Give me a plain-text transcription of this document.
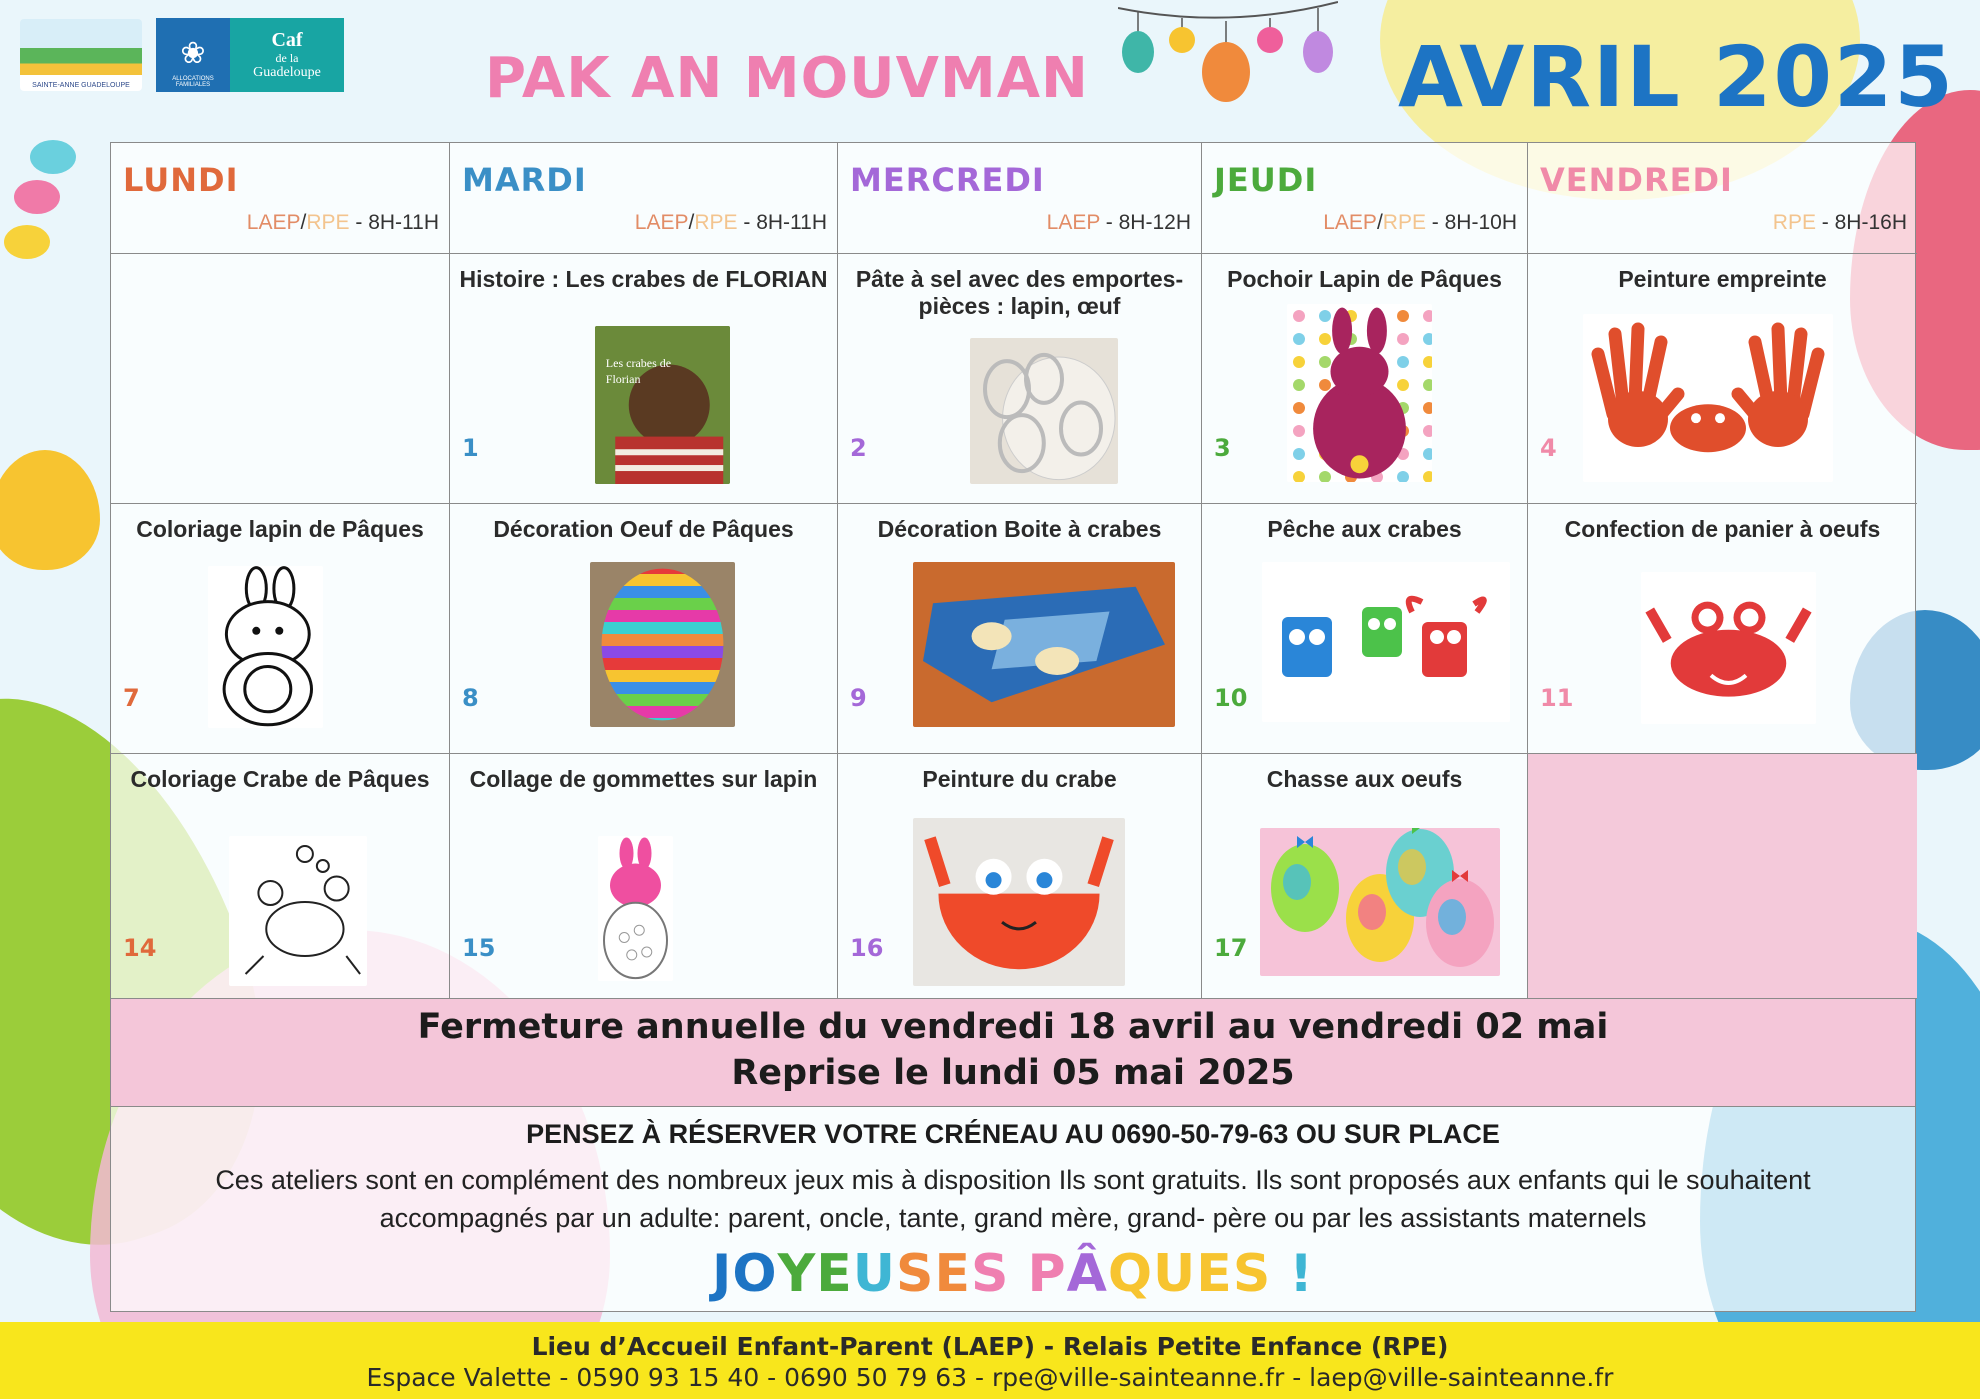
SAINTE-ANNE GUADELOUPE
❀
ALLOCATIONS FAMILIALES
Caf
de la
Guadeloupe	PAK AN MOUVMAN	AVRIL 2025
LUNDI
LAEP/RPE - 8H-11H
MARDI
LAEP/RPE - 8H-11H
MERCREDI
LAEP - 8H-12H
JEUDI
LAEP/RPE - 8H-10H
VENDREDI
RPE - 8H-16H
Histoire : Les crabes de FLORIAN
Les crabes de
Florian
1
Pâte à sel avec des emportes-pièces : lapin, œuf
2
Pochoir Lapin de Pâques
3
Peinture empreinte
4
Coloriage lapin de Pâques
7
Décoration Oeuf de Pâques
8
Décoration Boite à crabes
9
Pêche aux crabes
10
Confection de panier à oeufs
11
Coloriage Crabe de Pâques
14
Collage de gommettes sur lapin
15
Peinture du crabe
16
Chasse aux oeufs
17
Fermeture annuelle du vendredi 18 avril au vendredi 02 mai
Reprise le lundi 05 mai 2025
PENSEZ À RÉSERVER VOTRE CRÉNEAU AU 0690-50-79-63 OU SUR PLACE
Ces ateliers sont en complément des nombreux jeux mis à disposition Ils sont gratuits. Ils sont proposés aux enfants qui le souhaitent accompagnés par un adulte: parent, oncle, tante, grand mère, grand- père ou par les assistants maternels
JOYEUSES PÂQUES !
Lieu d’Accueil Enfant-Parent (LAEP) - Relais Petite Enfance (RPE)
Espace Valette - 0590 93 15 40 - 0690 50 79 63 - rpe@ville-sainteanne.fr - laep@ville-sainteanne.fr
